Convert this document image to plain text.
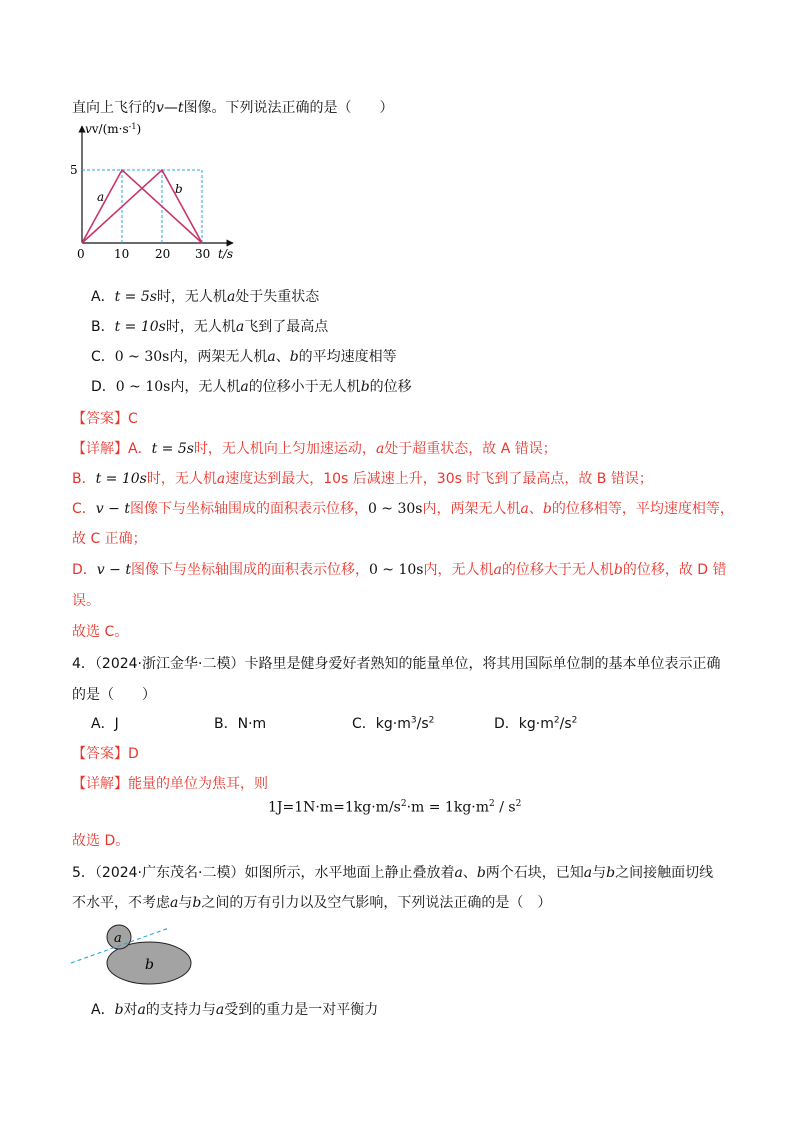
直向上飞行的v—t图像。下列说法正确的是（　　）
$vv/(m\cdot s^{-1})$
5
0 10 20 30 t/s
a
b
A．t = 5s时，无人机a处于失重状态
B．t = 10s时，无人机a飞到了最高点
C．0 ~ 30s内，两架无人机a、b的平均速度相等
D．0 ~ 10s内，无人机a的位移小于无人机b的位移
【答案】C
【详解】A．t = 5s时，无人机向上匀加速运动，a处于超重状态，故 A 错误；
B．t = 10s时，无人机a速度达到最大，10s 后减速上升，30s 时飞到了最高点，故 B 错误；
C．v − t图像下与坐标轴围成的面积表示位移，0 ~ 30s内，两架无人机a、b的位移相等，平均速度相等，
故 C 正确；
D．v − t图像下与坐标轴围成的面积表示位移，0 ~ 10s内，无人机a的位移大于无人机b的位移，故 D 错
误。
故选 C。
4．（2024·浙江金华·二模）卡路里是健身爱好者熟知的能量单位，将其用国际单位制的基本单位表示正确
的是（　　）
A．J	B．N·m	C．$kg\cdot m^3/s^2$	D．$kg\cdot m^2/s^2$
【答案】D
【详解】能量的单位为焦耳，则
$1J=1N\cdot m=1kg\cdot m/s^2\cdot m = 1kg\cdot m^2 / s^2$
故选 D。
5．（2024·广东茂名·二模）如图所示，水平地面上静止叠放着a、b两个石块，已知a与b之间接触面切线
不水平，不考虑a与b之间的万有引力以及空气影响，下列说法正确的是（　）
a
b
A．b对a的支持力与a受到的重力是一对平衡力
